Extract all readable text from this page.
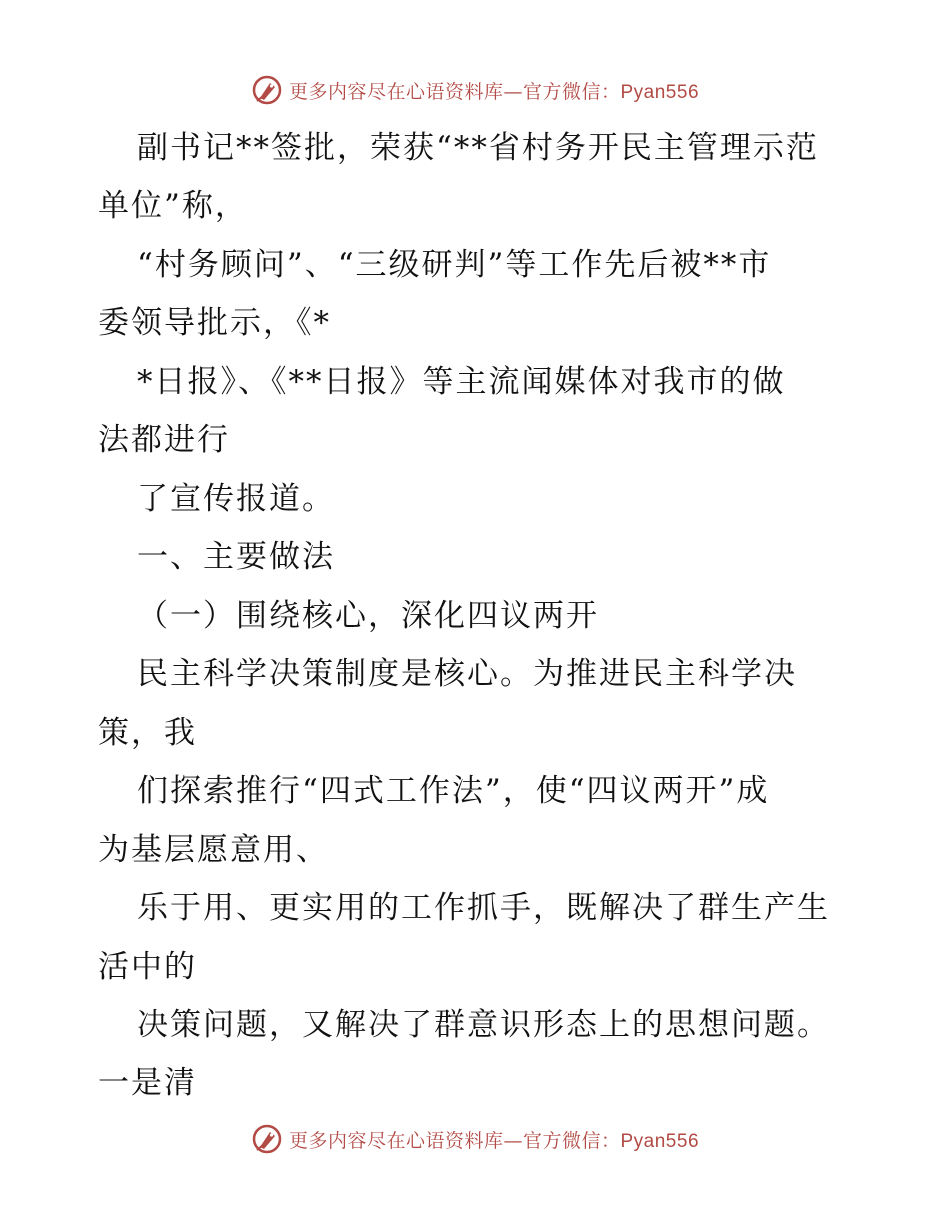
更多内容尽在心语资料库—官方微信：Pyan556
副书记**签批，荣获“**省村务开民主管理示范
单位”称，
“村务顾问”、“三级研判”等工作先后被**市
委领导批示，《*
*日报》、《**日报》等主流闻媒体对我市的做
法都进行
了宣传报道。
一、主要做法
（一）围绕核心，深化四议两开
民主科学决策制度是核心。为推进民主科学决
策，我
们探索推行“四式工作法”，使“四议两开”成
为基层愿意用、
乐于用、更实用的工作抓手，既解决了群生产生
活中的
决策问题，又解决了群意识形态上的思想问题。
一是清
更多内容尽在心语资料库—官方微信：Pyan556
